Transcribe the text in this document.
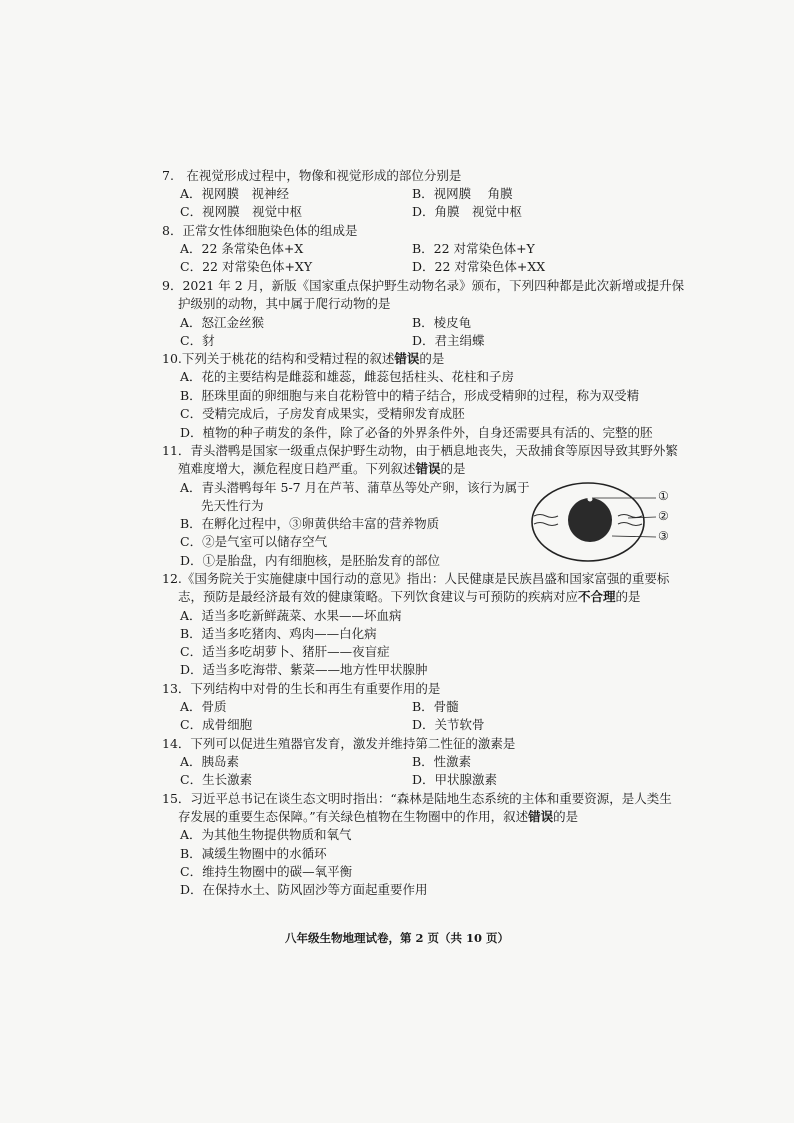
7.　在视觉形成过程中，物像和视觉形成的部位分别是
A．视网膜　视神经	B．视网膜　 角膜
C．视网膜　视觉中枢	D．角膜　视觉中枢
8．正常女性体细胞染色体的组成是
A．22 条常染色体+X	B．22 对常染色体+Y
C．22 对常染色体+XY	D．22 对常染色体+XX
9．2021 年 2 月，新版《国家重点保护野生动物名录》颁布，下列四种都是此次新增或提升保
护级别的动物，其中属于爬行动物的是
A．怒江金丝猴	B．棱皮龟
C．豺	D．君主绢蝶
10.下列关于桃花的结构和受精过程的叙述错误的是
A．花的主要结构是雌蕊和雄蕊，雌蕊包括柱头、花柱和子房
B．胚珠里面的卵细胞与来自花粉管中的精子结合，形成受精卵的过程，称为双受精
C．受精完成后，子房发育成果实，受精卵发育成胚
D．植物的种子萌发的条件，除了必备的外界条件外，自身还需要具有活的、完整的胚
11．青头潜鸭是国家一级重点保护野生动物，由于栖息地丧失，天敌捕食等原因导致其野外繁
殖难度增大，濒危程度日趋严重。下列叙述错误的是
A．青头潜鸭每年 5-7 月在芦苇、蒲草丛等处产卵，该行为属于
先天性行为
B．在孵化过程中，③卵黄供给丰富的营养物质
C．②是气室可以储存空气
D．①是胎盘，内有细胞核，是胚胎发育的部位
①
②
③
12.《国务院关于实施健康中国行动的意见》指出：人民健康是民族昌盛和国家富强的重要标
志，预防是最经济最有效的健康策略。下列饮食建议与可预防的疾病对应不合理的是
A．适当多吃新鲜蔬菜、水果——坏血病
B．适当多吃猪肉、鸡肉——白化病
C．适当多吃胡萝卜、猪肝——夜盲症
D．适当多吃海带、紫菜——地方性甲状腺肿
13．下列结构中对骨的生长和再生有重要作用的是
A．骨质	B．骨髓
C．成骨细胞	D．关节软骨
14．下列可以促进生殖器官发育，激发并维持第二性征的激素是
A．胰岛素	B．性激素
C．生长激素	D．甲状腺激素
15．习近平总书记在谈生态文明时指出：“森林是陆地生态系统的主体和重要资源，是人类生
存发展的重要生态保障。”有关绿色植物在生物圈中的作用，叙述错误的是
A．为其他生物提供物质和氧气
B．减缓生物圈中的水循环
C．维持生物圈中的碳—氧平衡
D．在保持水土、防风固沙等方面起重要作用
八年级生物地理试卷，第 2 页（共 10 页）
